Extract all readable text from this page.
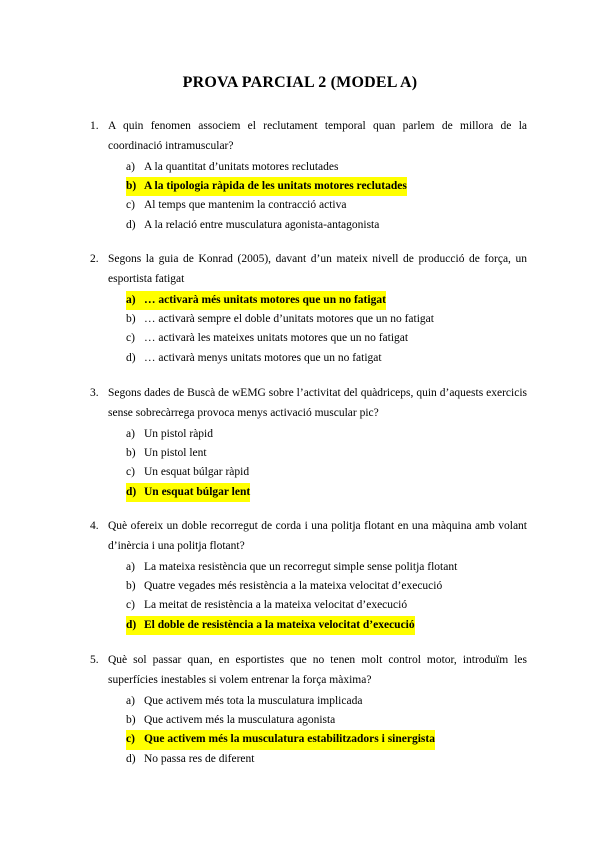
PROVA PARCIAL 2 (MODEL A)
1. A quin fenomen associem el reclutament temporal quan parlem de millora de la coordinació intramuscular?
a) A la quantitat d’unitats motores reclutades
b) A la tipologia ràpida de les unitats motores reclutades
c) Al temps que mantenim la contracció activa
d) A la relació entre musculatura agonista-antagonista
2. Segons la guia de Konrad (2005), davant d’un mateix nivell de producció de força, un esportista fatigat
a) … activarà més unitats motores que un no fatigat
b) … activarà sempre el doble d’unitats motores que un no fatigat
c) … activarà les mateixes unitats motores que un no fatigat
d) … activarà menys unitats motores que un no fatigat
3. Segons dades de Buscà de wEMG sobre l’activitat del quàdriceps, quin d’aquests exercicis sense sobrecàrrega provoca menys activació muscular pic?
a) Un pistol ràpid
b) Un pistol lent
c) Un esquat búlgar ràpid
d) Un esquat búlgar lent
4. Què ofereix un doble recorregut de corda i una politja flotant en una màquina amb volant d’inèrcia i una politja flotant?
a) La mateixa resistència que un recorregut simple sense politja flotant
b) Quatre vegades més resistència a la mateixa velocitat d’execució
c) La meitat de resistència a la mateixa velocitat d’execució
d) El doble de resistència a la mateixa velocitat d’execució
5. Què sol passar quan, en esportistes que no tenen molt control motor, introduïm les superfícies inestables si volem entrenar la força màxima?
a) Que activem més tota la musculatura implicada
b) Que activem més la musculatura agonista
c) Que activem més la musculatura estabilitzadors i sinergista
d) No passa res de diferent
